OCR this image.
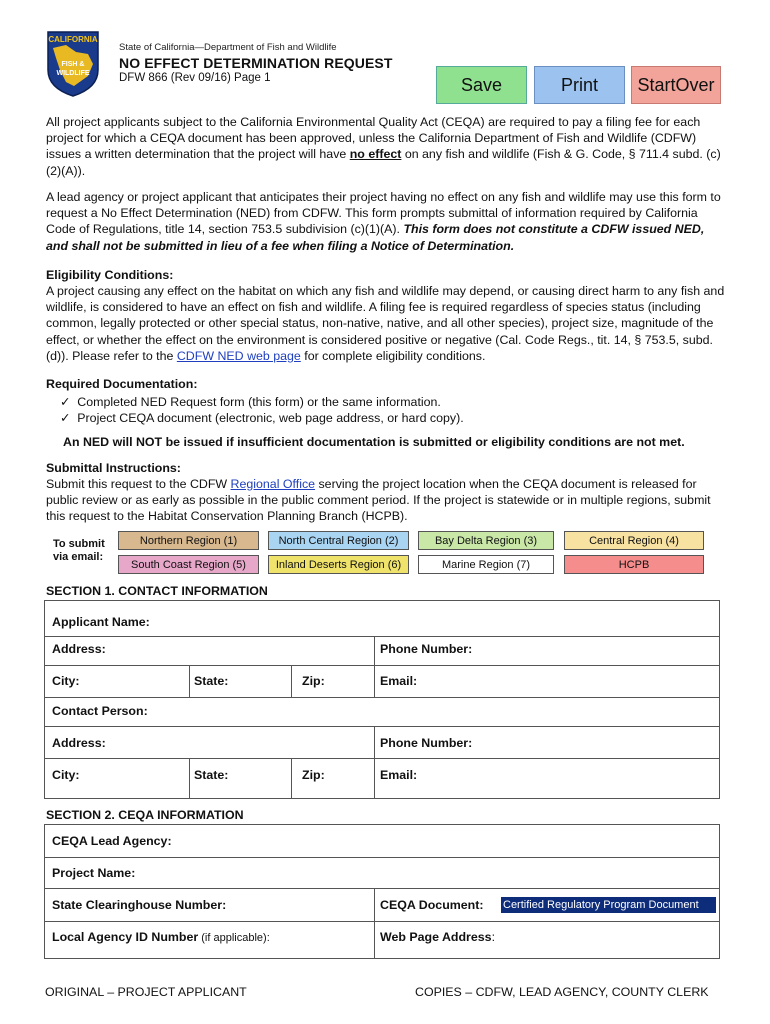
CALIFORNIA
FISH &
WILDLIFE
State of California—Department of Fish and Wildlife
NO EFFECT DETERMINATION REQUEST
DFW 866 (Rev 09/16) Page 1	Save	Print	StartOver
All project applicants subject to the California Environmental Quality Act (CEQA) are required to pay a filing fee for each project for which a CEQA document has been approved, unless the California Department of Fish and Wildlife (CDFW) issues a written determination that the project will have no effect on any fish and wildlife (Fish & G. Code, § 711.4 subd. (c)(2)(A)).
A lead agency or project applicant that anticipates their project having no effect on any fish and wildlife may use this form to request a No Effect Determination (NED) from CDFW. This form prompts submittal of information required by California Code of Regulations, title 14, section 753.5 subdivision (c)(1)(A). This form does not constitute a CDFW issued NED, and shall not be submitted in lieu of a fee when filing a Notice of Determination.
Eligibility Conditions:
A project causing any effect on the habitat on which any fish and wildlife may depend, or causing direct harm to any fish and wildlife, is considered to have an effect on fish and wildlife. A filing fee is required regardless of species status (including common, legally protected or other special status, non-native, native, and all other species), project size, magnitude of the effect, or whether the effect on the environment is considered positive or negative (Cal. Code Regs., tit. 14, § 753.5, subd. (d)). Please refer to the CDFW NED web page for complete eligibility conditions.
Required Documentation:
✓ Completed NED Request form (this form) or the same information.
✓ Project CEQA document (electronic, web page address, or hard copy).
An NED will NOT be issued if insufficient documentation is submitted or eligibility conditions are not met.
Submittal Instructions:
Submit this request to the CDFW Regional Office serving the project location when the CEQA document is released for public review or as early as possible in the public comment period. If the project is statewide or in multiple regions, submit this request to the Habitat Conservation Planning Branch (HCPB).
To submit
via email:
Northern Region (1)	North Central Region (2)	Bay Delta Region (3)	Central Region (4)
South Coast Region (5)	Inland Deserts Region (6)	Marine Region (7)	HCPB
SECTION 1. CONTACT INFORMATION
Applicant Name:
Address:	Phone Number:
City:	State:	Zip:	Email:
Contact Person:
Address:	Phone Number:
City:	State:	Zip:	Email:
SECTION 2. CEQA INFORMATION
CEQA Lead Agency:
Project Name:
State Clearinghouse Number:	CEQA Document: Certified Regulatory Program Document
Local Agency ID Number (if applicable):	Web Page Address:
ORIGINAL – PROJECT APPLICANT	COPIES – CDFW, LEAD AGENCY, COUNTY CLERK
